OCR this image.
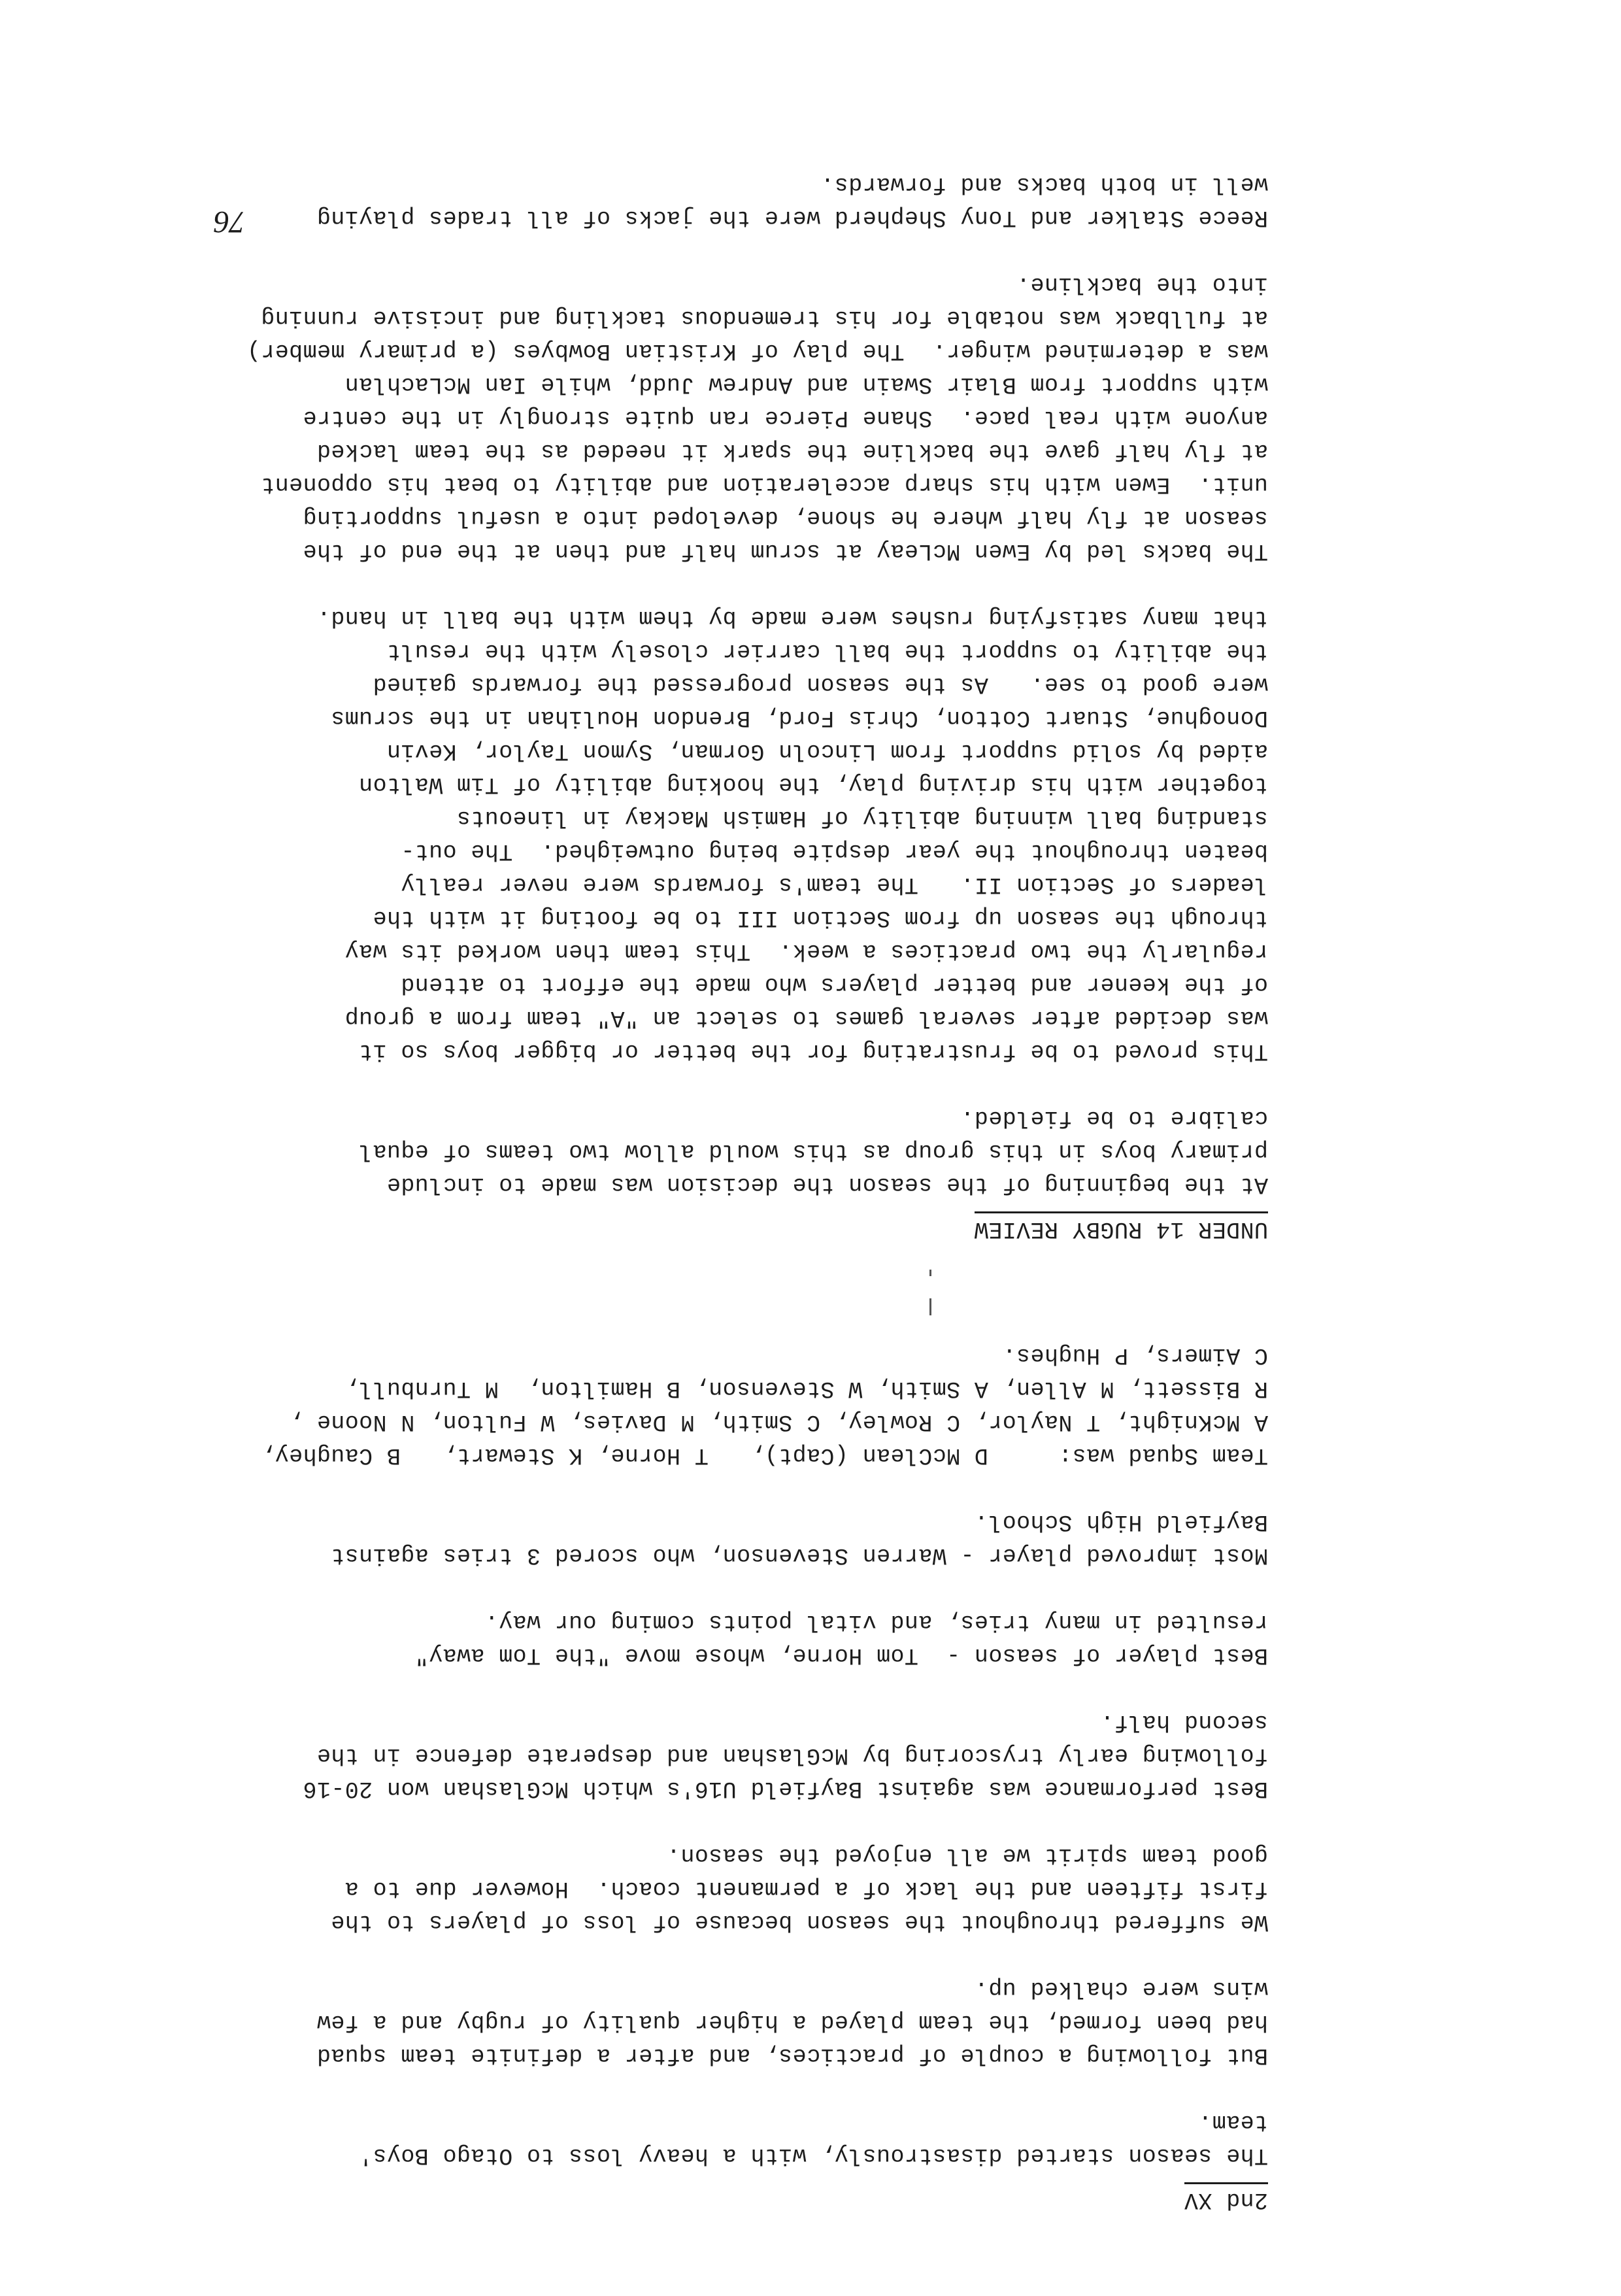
2nd XV
The season started disastrously, with a heavy loss to Otago Boys'
team.
But following a couple of practices, and after a definite team squad
had been formed, the team played a higher quality of rugby and a few
wins were chalked up.
We suffered throughout the season because of loss of players to the
first fifteen and the lack of a permanent coach.  However due to a
good team spirit we all enjoyed the season.
Best performance was against Bayfield U16's which McGlashan won 20-16
following early tryscoring by McGlashan and desperate defence in the
second half.
Best player of season -  Tom Horne, whose move "the Tom away"
resulted in many tries, and vital points coming our way.
Most improved player - Warren Stevenson, who scored 3 tries against
Bayfield High School.
Team Squad was:     D McClean (Capt),   T Horne, K Stewart,   B Caughey,
A McKnight, T Naylor, C Rowley, C Smith, M Davies, W Fulton, N Noone ,
R Bissett, M Allen, A Smith, W Stevenson, B Hamilton,  M Turnbull,
C Aimers, P Hughes.
UNDER 14 RUGBY REVIEW
At the beginning of the season the decision was made to include
primary boys in this group as this would allow two teams of equal
calibre to be fielded.
This proved to be frustrating for the better or bigger boys so it
was decided after several games to select an "A" team from a group
of the keener and better players who made the effort to attend
regularly the two practices a week.  This team then worked its way
through the season up from Section III to be footing it with the
leaders of Section II.   The team's forwards were never really
beaten throughout the year despite being outweighed.  The out-
standing ball winning ability of Hamish Mackay in lineouts
together with his driving play, the hooking ability of Tim Walton
aided by solid support from Lincoln Gorman, Symon Taylor, Kevin
Donoghue, Stuart Cotton, Chris Ford, Brendon Houlihan in the scrums
were good to see.   As the season progressed the forwards gained
the ability to support the ball carrier closely with the result
that many satisfying rushes were made by them with the ball in hand.
The backs led by Ewen McLeay at scrum half and then at the end of the
season at fly half where he shone, developed into a useful supporting
unit.  Ewen with his sharp acceleration and ability to beat his opponent
at fly half gave the backline the spark it needed as the team lacked
anyone with real pace.  Shane Pierce ran quite strongly in the centre
with support from Blair Swain and Andrew Judd, while Ian McLachlan
was a determined winger.  The play of Kristian Bowbyes (a primary member)
at fullback was notable for his tremendous tackling and incisive running
into the backline.
Reece Stalker and Tony Shepherd were the jacks of all trades playing
well in both backs and forwards.
76
